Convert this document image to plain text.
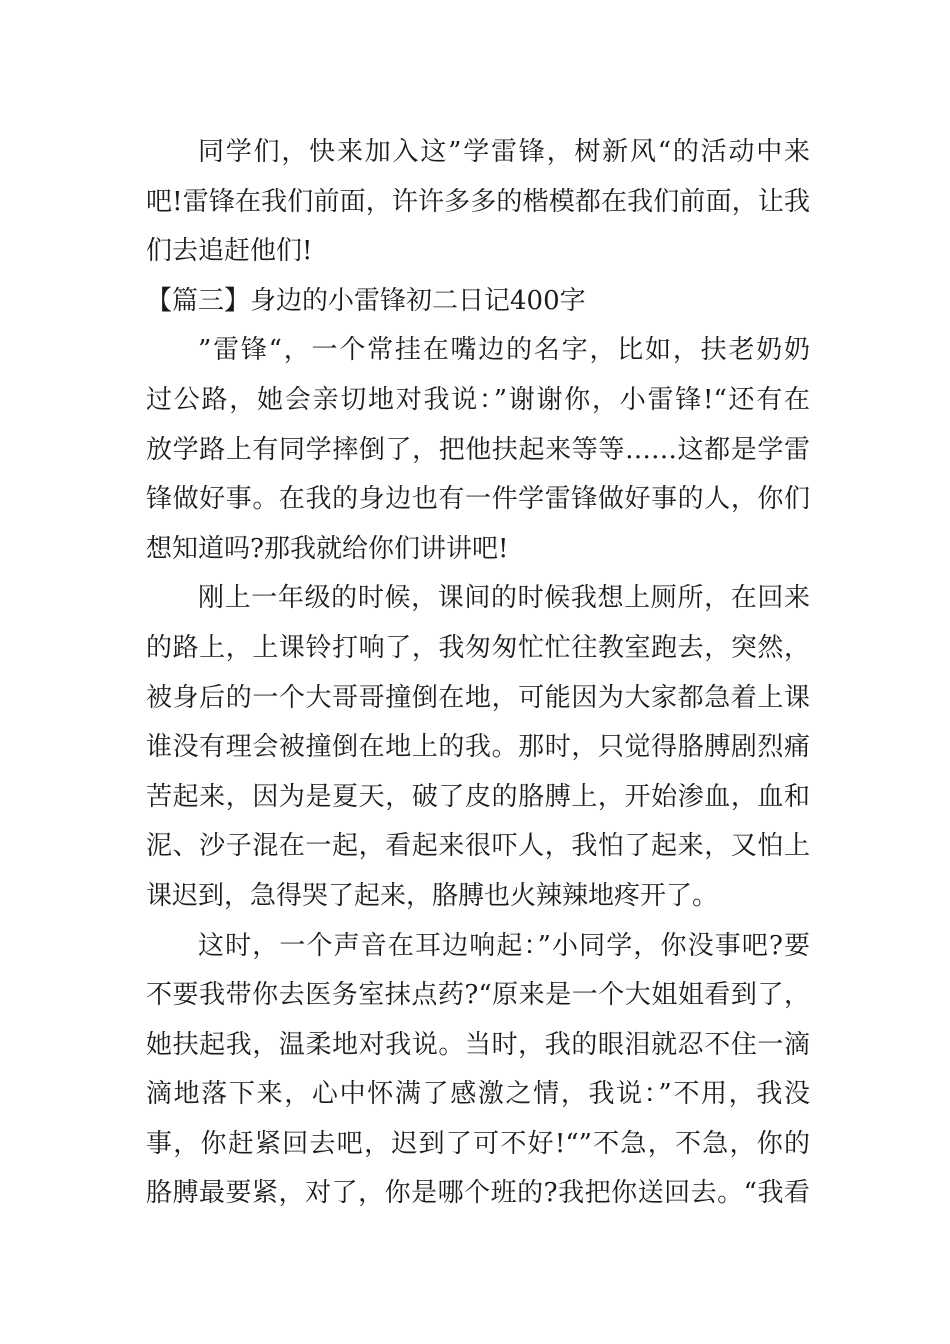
同学们，快来加入这”学雷锋，树新风“的活动中来
吧!雷锋在我们前面，许许多多的楷模都在我们前面，让我
们去追赶他们!
【篇三】身边的小雷锋初二日记400字
”雷锋“，一个常挂在嘴边的名字，比如，扶老奶奶
过公路，她会亲切地对我说：”谢谢你，小雷锋!“还有在
放学路上有同学摔倒了，把他扶起来等等……这都是学雷
锋做好事。在我的身边也有一件学雷锋做好事的人，你们
想知道吗?那我就给你们讲讲吧!
刚上一年级的时候，课间的时候我想上厕所，在回来
的路上，上课铃打响了，我匆匆忙忙往教室跑去，突然，
被身后的一个大哥哥撞倒在地，可能因为大家都急着上课
谁没有理会被撞倒在地上的我。那时，只觉得胳膊剧烈痛
苦起来，因为是夏天，破了皮的胳膊上，开始渗血，血和
泥、沙子混在一起，看起来很吓人，我怕了起来，又怕上
课迟到，急得哭了起来，胳膊也火辣辣地疼开了。
这时，一个声音在耳边响起：”小同学，你没事吧?要
不要我带你去医务室抹点药?“原来是一个大姐姐看到了，
她扶起我，温柔地对我说。当时，我的眼泪就忍不住一滴
滴地落下来，心中怀满了感激之情，我说：”不用，我没
事，你赶紧回去吧，迟到了可不好!“”不急，不急，你的
胳膊最要紧，对了，你是哪个班的?我把你送回去。“我看
